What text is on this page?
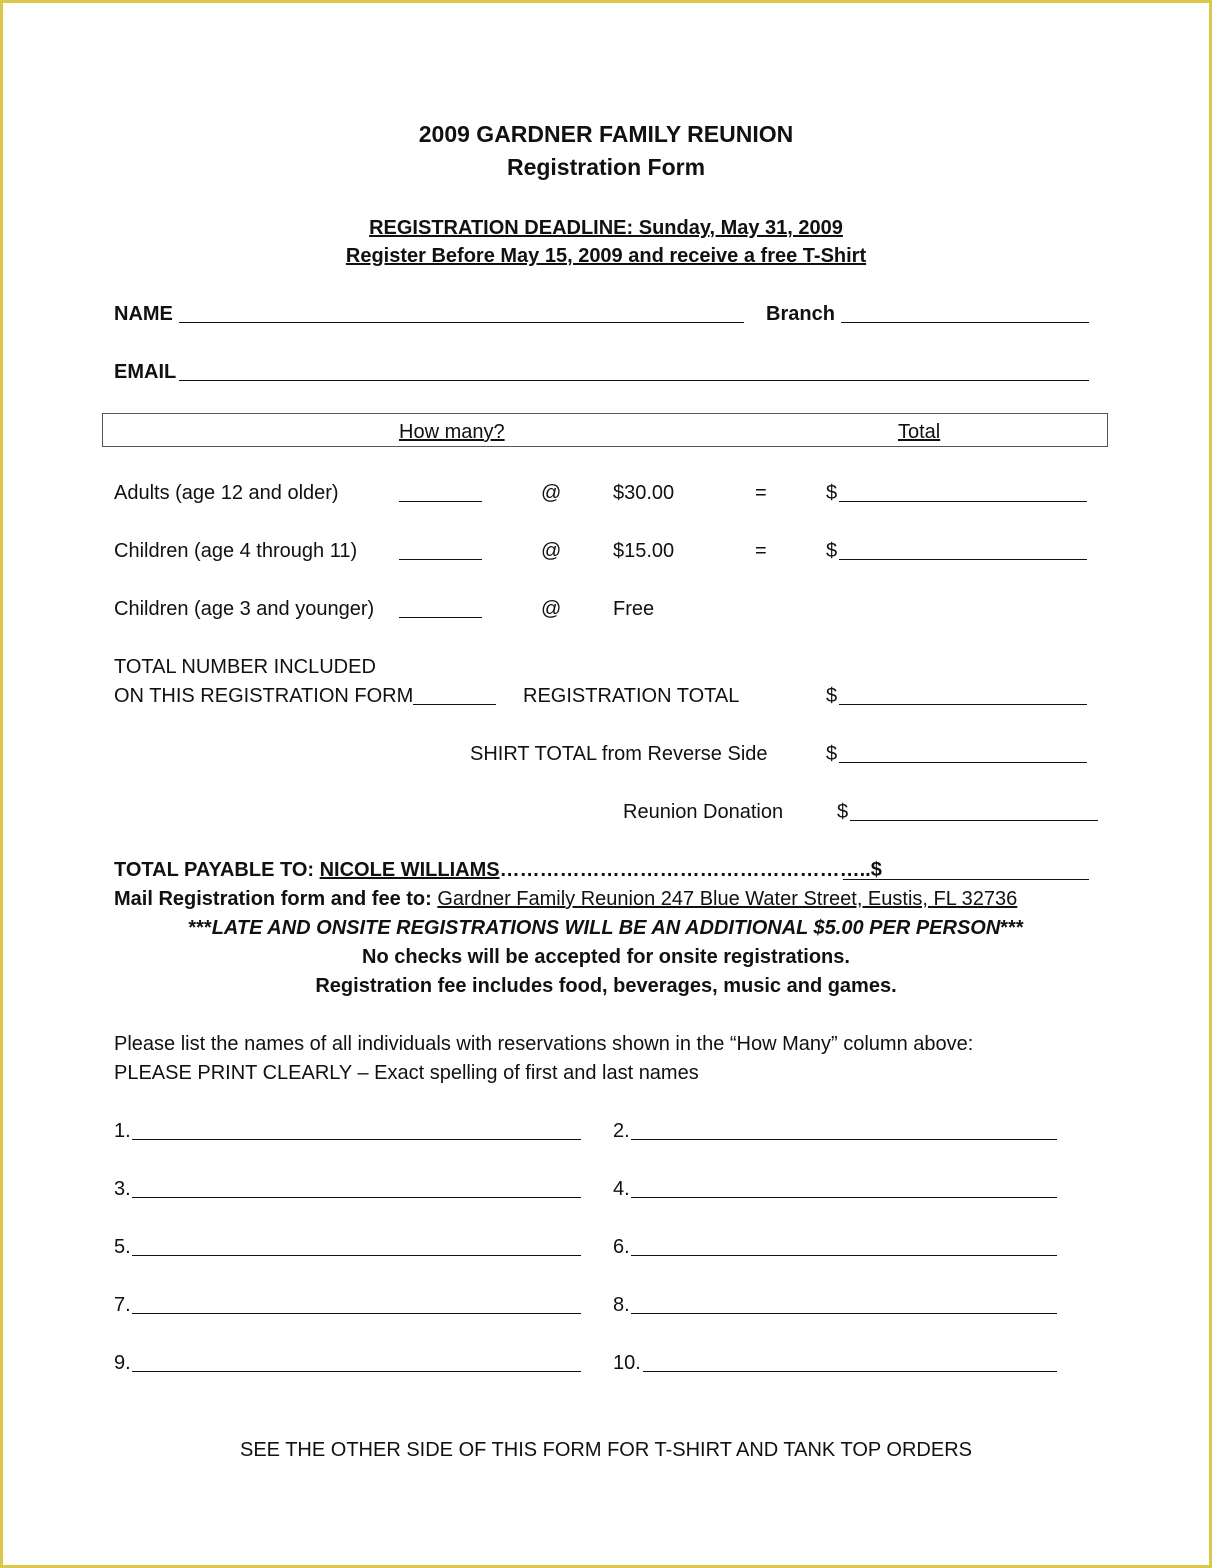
2009 GARDNER FAMILY REUNION
Registration Form
REGISTRATION DEADLINE: Sunday, May 31, 2009
Register Before May 15, 2009 and receive a free T-Shirt
NAME	Branch
EMAIL
How many?	Total
Adults (age 12 and older)	@	$30.00	=	$
Children (age 4 through 11)	@	$15.00	=	$
Children (age 3 and younger)	@	Free
TOTAL NUMBER INCLUDED
ON THIS REGISTRATION FORM	REGISTRATION TOTAL	$
SHIRT TOTAL from Reverse Side	$
Reunion Donation	$
TOTAL PAYABLE TO: NICOLE WILLIAMS………………………………………………..$
Mail Registration form and fee to: Gardner Family Reunion 247 Blue Water Street, Eustis, FL 32736
***LATE AND ONSITE REGISTRATIONS WILL BE AN ADDITIONAL $5.00 PER PERSON***
No checks will be accepted for onsite registrations.
Registration fee includes food, beverages, music and games.
Please list the names of all individuals with reservations shown in the “How Many” column above:
PLEASE PRINT CLEARLY – Exact spelling of first and last names
1.	2.
3.	4.
5.	6.
7.	8.
9.	10.
SEE THE OTHER SIDE OF THIS FORM FOR T-SHIRT AND TANK TOP ORDERS
